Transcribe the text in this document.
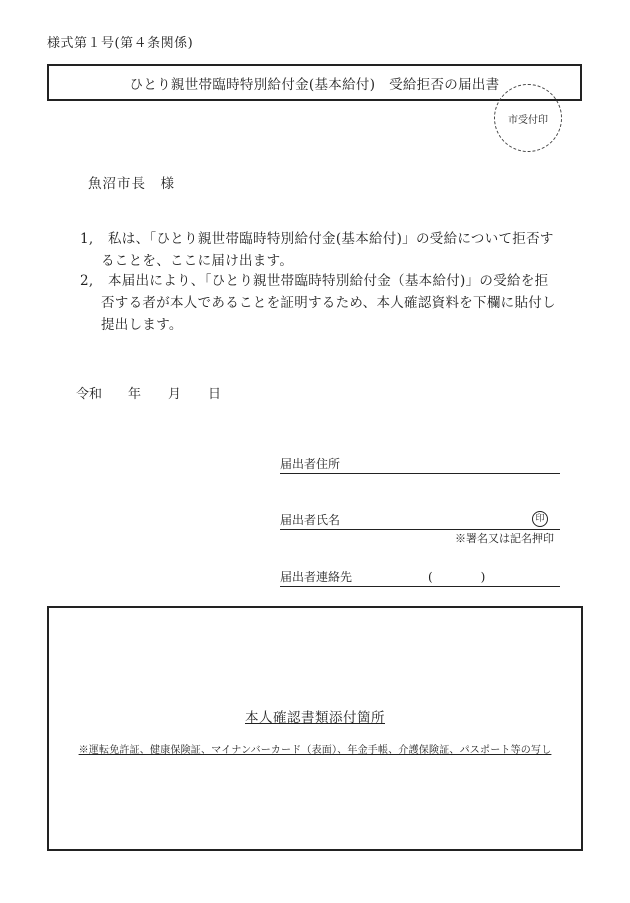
様式第１号(第４条関係)
ひとり親世帯臨時特別給付金(基本給付)　受給拒否の届出書
市受付印
魚沼市長　様
1, 私は、「ひとり親世帯臨時特別給付金(基本給付)」の受給について拒否す
ることを、ここに届け出ます。
2, 本届出により、「ひとり親世帯臨時特別給付金（基本給付)」の受給を拒
否する者が本人であることを証明するため、本人確認資料を下欄に貼付し
提出します。
令和	年	月	日
届出者住所
届出者氏名	印
届出者連絡先	(　　　　)
※署名又は記名押印
本人確認書類添付箇所
※運転免許証、健康保険証、マイナンバーカード（表面）、年金手帳、介護保険証、パスポート等の写し
